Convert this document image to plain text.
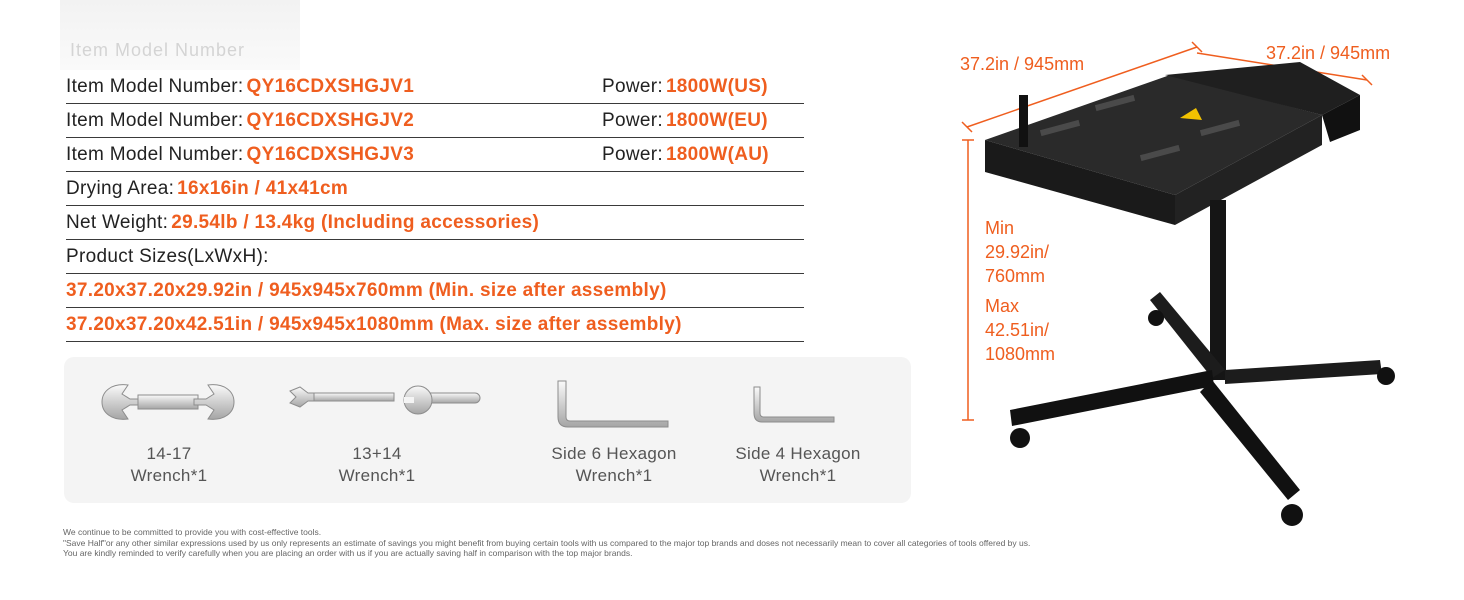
Item Model Number
Item Model Number: QY16CDXSHGJV1	Power: 1800W(US)
Item Model Number: QY16CDXSHGJV2	Power: 1800W(EU)
Item Model Number: QY16CDXSHGJV3	Power: 1800W(AU)
Drying Area: 16x16in / 41x41cm
Net Weight: 29.54lb / 13.4kg (Including accessories)
Product Sizes(LxWxH):
37.20x37.20x29.92in / 945x945x760mm (Min. size after assembly)
37.20x37.20x42.51in / 945x945x1080mm (Max. size after assembly)
14-17
Wrench*1
13+14
Wrench*1
Side 6 Hexagon
Wrench*1
Side 4 Hexagon
Wrench*1
We continue to be committed to provide you with cost-effective tools.
"Save Half"or any other similar expressions used by us only represents an estimate of savings you might benefit from buying certain tools with us compared to the major top brands and doses not necessarily mean to cover all categories of tools offered by us.
You are kindly reminded to verify carefully when you are placing an order with us if you are actually saving half in comparison with the top major brands.
37.2in / 945mm
37.2in / 945mm
Min
29.92in/
760mm
Max
42.51in/
1080mm
